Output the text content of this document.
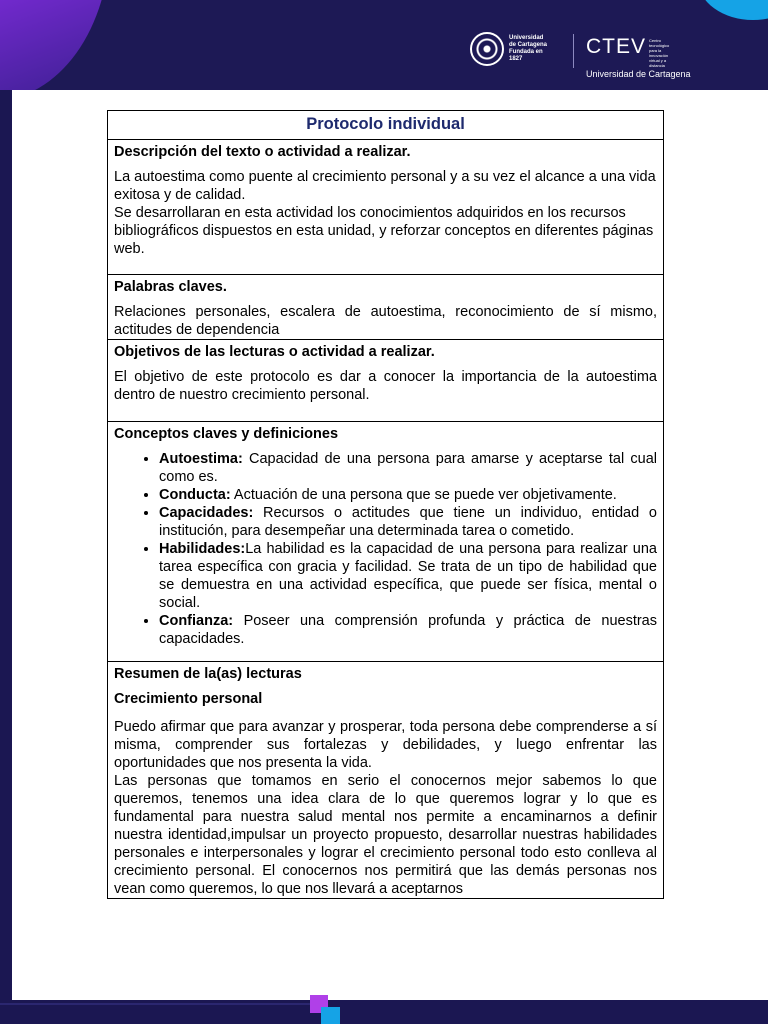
Universidad
de Cartagena
Fundada en 1827
CTEV Centro tecnológico
para la innovación
virtual y a distancia
Universidad de Cartagena
Protocolo individual

Descripción del texto o actividad a realizar.

La autoestima como puente al crecimiento personal y a su vez el alcance a una vida exitosa y de calidad.

Se desarrollaran en esta actividad los conocimientos adquiridos en los recursos bibliográficos dispuestos en esta unidad, y reforzar conceptos en diferentes páginas web.

Palabras claves.

Relaciones personales, escalera de autoestima, reconocimiento de sí mismo, actitudes de dependencia

Objetivos de las lecturas o actividad a realizar.

El objetivo de este protocolo es dar a conocer la importancia de la autoestima dentro de nuestro crecimiento personal.

Conceptos claves y definiciones

• Autoestima: Capacidad de una persona para amarse y aceptarse tal cual como es.
• Conducta: Actuación de una persona que se puede ver objetivamente.
• Capacidades: Recursos o actitudes que tiene un individuo, entidad o institución, para desempeñar una determinada tarea o cometido.
• Habilidades:La habilidad es la capacidad de una persona para realizar una tarea específica con gracia y facilidad. Se trata de un tipo de habilidad que se demuestra en una actividad específica, que puede ser física, mental o social.
• Confianza: Poseer una comprensión profunda y práctica de nuestras capacidades.

Resumen de la(as) lecturas

Crecimiento personal

Puedo afirmar que para avanzar y prosperar, toda persona debe comprenderse a sí misma, comprender sus fortalezas y debilidades, y luego enfrentar las oportunidades que nos presenta la vida.

Las personas que tomamos en serio el conocernos mejor sabemos lo que queremos, tenemos una idea clara de lo que queremos lograr y lo que es fundamental para nuestra salud mental nos permite a encaminarnos a definir nuestra identidad,impulsar un proyecto propuesto, desarrollar nuestras habilidades personales e interpersonales y lograr el crecimiento personal todo esto conlleva al crecimiento personal. El conocernos nos permitirá que las demás personas nos vean como queremos, lo que nos llevará a aceptarnos
